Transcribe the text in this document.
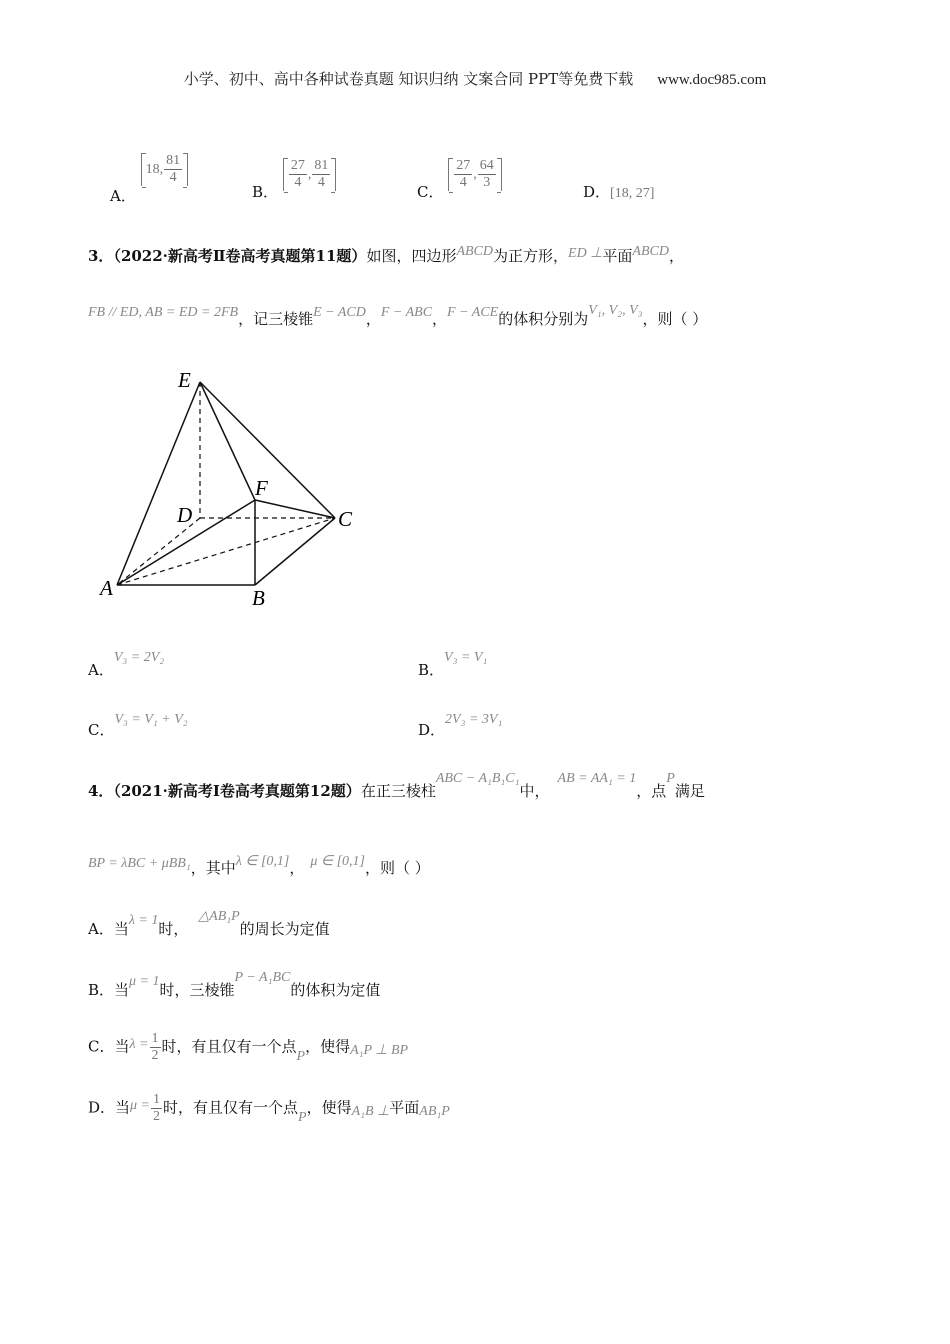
小学、初中、高中各种试卷真题 知识归纳 文案合同 PPT等免费下载 www.doc985.com
A．
18, $\frac{81}{4}$
B．
$\frac{27}{4}$ , $\frac{81}{4}$
C．
$\frac{27}{4}$ , $\frac{64}{3}$
D．[18, 27]
3．（2022·新高考Ⅱ卷高考真题第11题）如图，四边形ABCD为正方形，ED ⊥平面ABCD，
FB // ED, AB = ED = 2FB，记三棱锥E − ACD，F − ABC，F − ACE的体积分别为V₁, V₂, V₃，则（ ）
E
F
D	C
A	B
A．V₃ = 2V₂
B．V₃ = V₁
C．V₃ = V₁ + V₂
D．2V₃ = 3V₁
4．（2021·新高考Ⅰ卷高考真题第12题）在正三棱柱ABC − A₁B₁C₁中，AB = AA₁ = 1，点P满足
BP = λBC + μBB₁，其中λ ∈ [0,1]， μ ∈ [0,1]，则（ ）
A．当λ = 1时，△AB₁P的周长为定值
B．当μ = 1时，三棱锥P − A₁BC的体积为定值
C．当$\lambda = \frac{1}{2}$ 时，有且仅有一个点P，使得A₁P ⊥ BP
D．当$\mu = \frac{1}{2}$ 时，有且仅有一个点P，使得A₁B ⊥平面AB₁P
